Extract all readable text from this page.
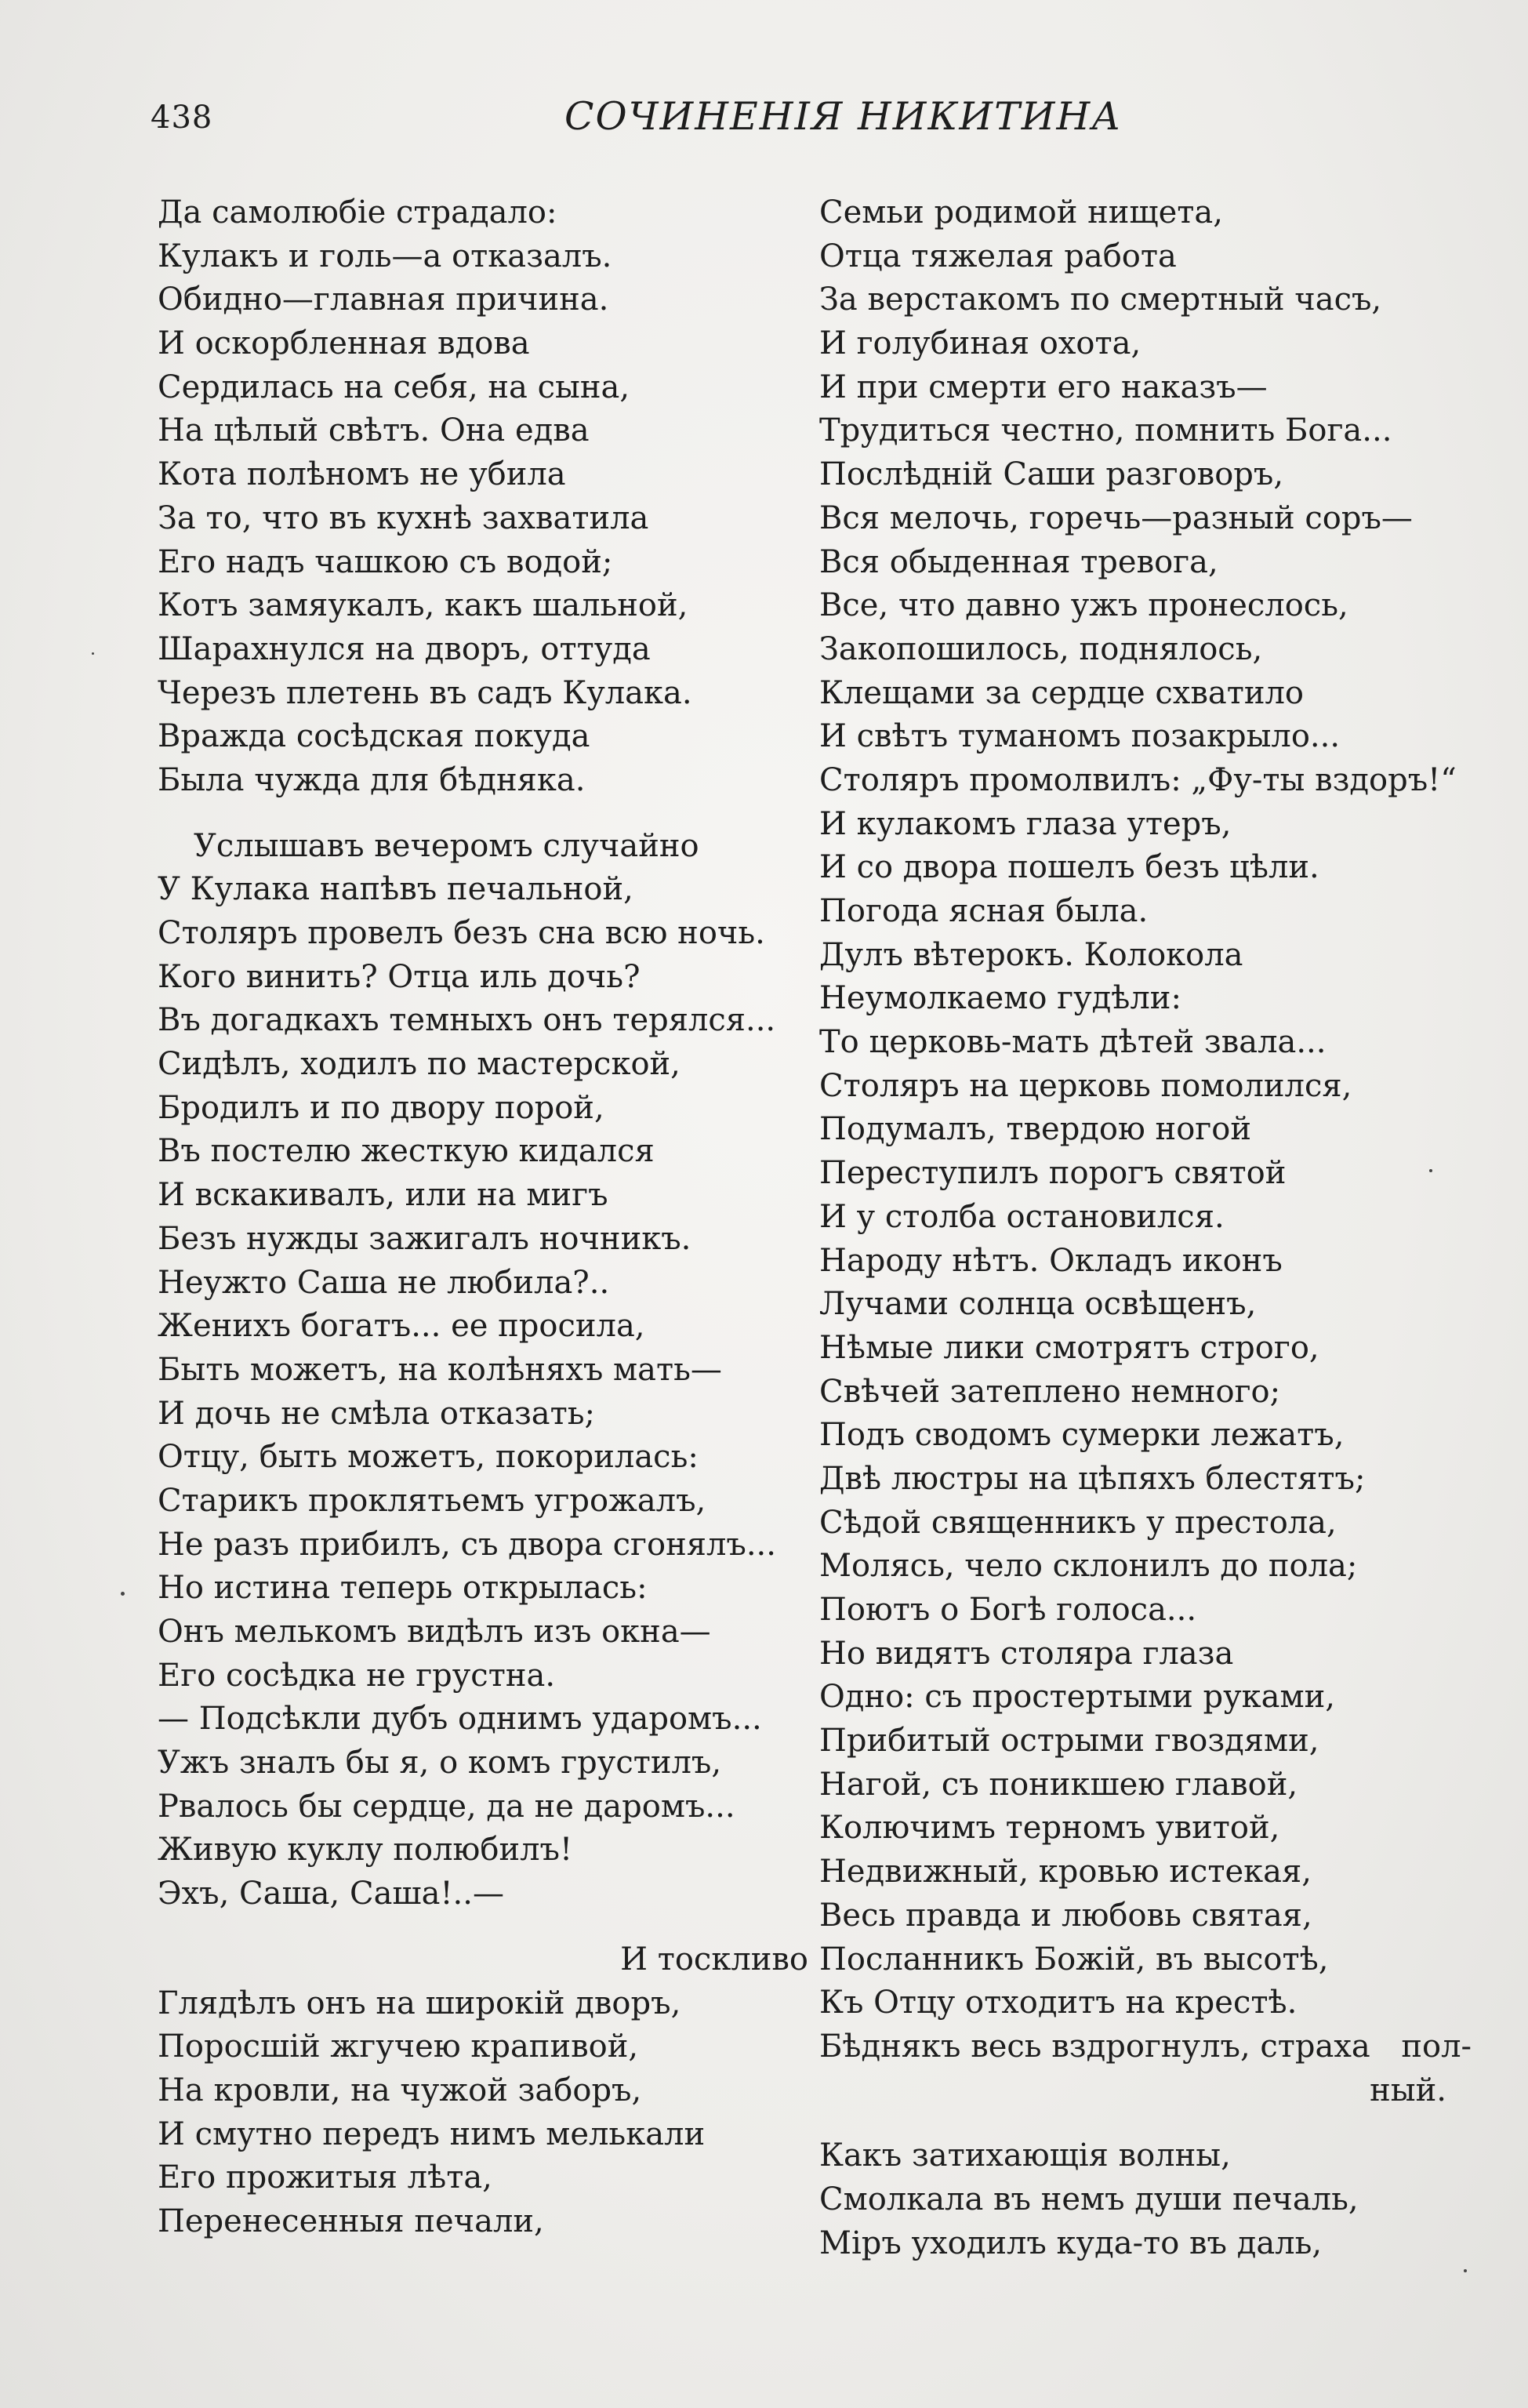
438	СОЧИНЕНІЯ НИКИТИНА
Да самолюбіе страдало:
Кулакъ и голь—а отказалъ.
Обидно—главная причина.
И оскорбленная вдова
Сердилась на себя, на сына,
На цѣлый свѣтъ. Она едва
Кота полѣномъ не убила
За то, что въ кухнѣ захватила
Его надъ чашкою съ водой;
Котъ замяукалъ, какъ шальной,
Шарахнулся на дворъ, оттуда
Черезъ плетень въ садъ Кулака.
Вражда сосѣдская покуда
Была чужда для бѣдняка.
Услышавъ вечеромъ случайно
У Кулака напѣвъ печальной,
Столяръ провелъ безъ сна всю ночь.
Кого винить? Отца иль дочь?
Въ догадкахъ темныхъ онъ терялся...
Сидѣлъ, ходилъ по мастерской,
Бродилъ и по двору порой,
Въ постелю жесткую кидался
И вскакивалъ, или на мигъ
Безъ нужды зажигалъ ночникъ.
Неужто Саша не любила?..
Женихъ богатъ... ее просила,
Быть можетъ, на колѣняхъ мать—
И дочь не смѣла отказать;
Отцу, быть можетъ, покорилась:
Старикъ проклятьемъ угрожалъ,
Не разъ прибилъ, съ двора сгонялъ...
Но истина теперь открылась:
Онъ мелькомъ видѣлъ изъ окна—
Его сосѣдка не грустна.
— Подсѣкли дубъ однимъ ударомъ...
Ужъ зналъ бы я, о комъ грустилъ,
Рвалось бы сердце, да не даромъ...
Живую куклу полюбилъ!
Эхъ, Саша, Саша!..—
И тоскливо
Глядѣлъ онъ на широкій дворъ,
Поросшій жгучею крапивой,
На кровли, на чужой заборъ,
И смутно передъ нимъ мелькали
Его прожитыя лѣта,
Перенесенныя печали,
Семьи родимой нищета,
Отца тяжелая работа
За верстакомъ по смертный часъ,
И голубиная охота,
И при смерти его наказъ—
Трудиться честно, помнить Бога...
Послѣдній Саши разговоръ,
Вся мелочь, горечь—разный соръ—
Вся обыденная тревога,
Все, что давно ужъ пронеслось,
Закопошилось, поднялось,
Клещами за сердце схватило
И свѣтъ туманомъ позакрыло...
Столяръ промолвилъ: „Фу-ты вздоръ!“
И кулакомъ глаза утеръ,
И со двора пошелъ безъ цѣли.
Погода ясная была.
Дулъ вѣтерокъ. Колокола
Неумолкаемо гудѣли:
То церковь-мать дѣтей звала...
Столяръ на церковь помолился,
Подумалъ, твердою ногой
Переступилъ порогъ святой
И у столба остановился.
Народу нѣтъ. Окладъ иконъ
Лучами солнца освѣщенъ,
Нѣмые лики смотрятъ строго,
Свѣчей затеплено немного;
Подъ сводомъ сумерки лежатъ,
Двѣ люстры на цѣпяхъ блестятъ;
Сѣдой священникъ у престола,
Молясь, чело склонилъ до пола;
Поютъ о Богѣ голоса...
Но видятъ столяра глаза
Одно: съ простертыми руками,
Прибитый острыми гвоздями,
Нагой, съ поникшею главой,
Колючимъ терномъ увитой,
Недвижный, кровью истекая,
Весь правда и любовь святая,
Посланникъ Божій, въ высотѣ,
Къ Отцу отходитъ на крестѣ.
Бѣднякъ весь вздрогнулъ, страха пол-
ный.
Какъ затихающія волны,
Смолкала въ немъ души печаль,
Міръ уходилъ куда-то въ даль,
